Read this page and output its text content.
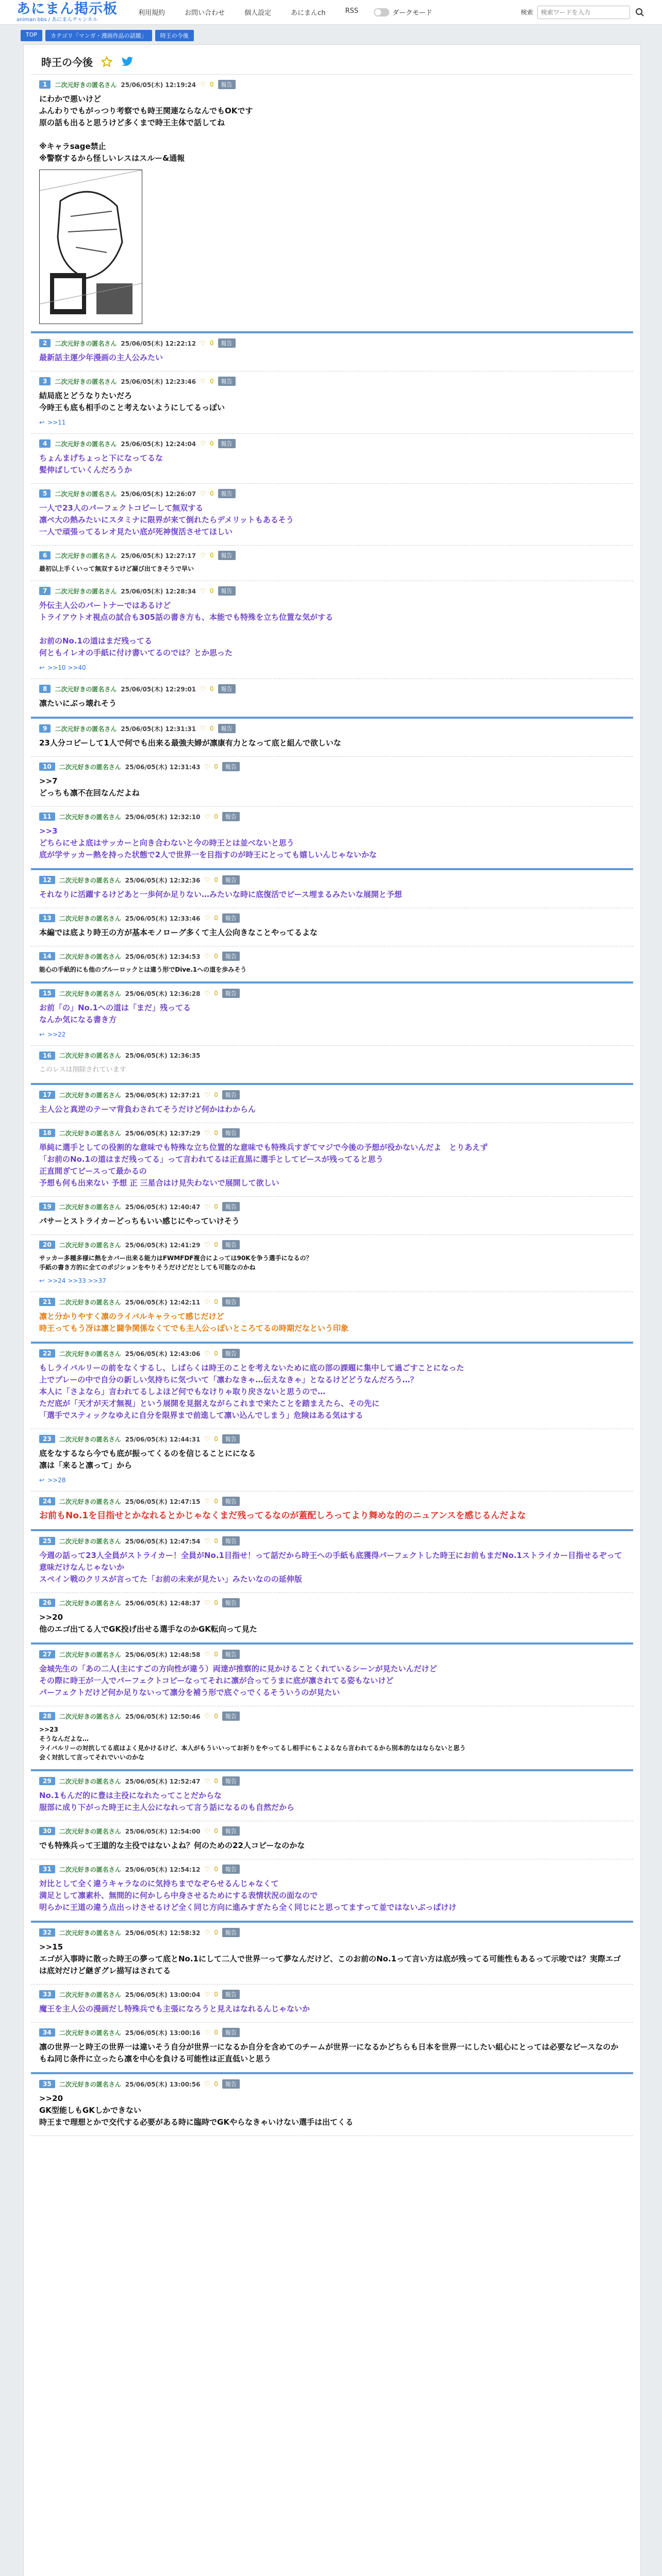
あにまん掲示板
animan bbs / あにまんチャンネル
利用規約	お問い合わせ	個人設定	あにまんch	RSS	ダークモード	検索
検索ワードを入力
TOP	カテゴリ「マンガ・漫画作品の話題」	時王の今後
時王の今後
1	二次元好きの匿名さん 25/06/05(木) 12:19:24 ♡ 0	報告
にわかで悪いけど
ふんわりでもがっつり考察でも時王関連ならなんでもOKです
原の話も出ると思うけど多くまで時王主体で話してね

※キャラsage禁止
※警察するから怪しいレスはスルー&通報
2	二次元好きの匿名さん 25/06/05(木) 12:22:12 ♡ 0	報告
最新話主運少年漫画の主人公みたい
3	二次元好きの匿名さん 25/06/05(木) 12:23:46 ♡ 0	報告
結局底とどうなりたいだろ
今時王も底も相手のこと考えないようにしてるっぽい
↩ >>11
4	二次元好きの匿名さん 25/06/05(木) 12:24:04 ♡ 0	報告
ちょんまげちょっと下になってるな
髪伸ばしていくんだろうか
5	二次元好きの匿名さん 25/06/05(木) 12:26:07 ♡ 0	報告
一人で23人のパーフェクトコピーして無双する
凛ペ大の熱みたいにスタミナに限界が来て倒れたらデメリットもあるそう
一人で頑張ってるレオ見たい底が死神復活させてほしい
6	二次元好きの匿名さん 25/06/05(木) 12:27:17 ♡ 0	報告
最初以上手くいって無双するけど凝び出てきそうで早い
7	二次元好きの匿名さん 25/06/05(木) 12:28:34 ♡ 0	報告
外伝主人公のパートナーではあるけど
トライアウトオ視点の試合も305話の書き方も、本能でも特殊を立ち位置な気がする

お前のNo.1の道はまだ残ってる
何ともイレオの手紙に付け書いてるのでは？とか思った
↩ >>10 >>40
8	二次元好きの匿名さん 25/06/05(木) 12:29:01 ♡ 0	報告
凛たいにぶっ壊れそう
9	二次元好きの匿名さん 25/06/05(木) 12:31:31 ♡ 0	報告
23人分コピーして1人で何でも出来る最強夫婦が凛康有力となって底と組んで欲しいな
10	二次元好きの匿名さん 25/06/05(木) 12:31:43 ♡ 0	報告
>>7
どっちも凛不在回なんだよね
11	二次元好きの匿名さん 25/06/05(木) 12:32:10 ♡ 0	報告
>>3
どちらにせよ底はサッカーと向き合わないと今の時王とは並べないと思う
底が学サッカー熱を持った状態で2人で世界一を目指すのが時王にとっても嬉しいんじゃないかな
12	二次元好きの匿名さん 25/06/05(木) 12:32:36 ♡ 0	報告
それなりに活躍するけどあと一歩何か足りない…みたいな時に底復活でピース埋まるみたいな展開と予想
13	二次元好きの匿名さん 25/06/05(木) 12:33:46 ♡ 0	報告
本編では底より時王の方が基本モノローグ多くて主人公向きなことやってるよな
14	二次元好きの匿名さん 25/06/05(木) 12:34:53 ♡ 0	報告
能心の手紙的にも他のブルーロックとは違う形でDive.1への道を歩みそう
15	二次元好きの匿名さん 25/06/05(木) 12:36:28 ♡ 0	報告
お前「の」No.1への道は「まだ」残ってる
なんか気になる書き方
↩ >>22
16	二次元好きの匿名さん 25/06/05(木) 12:36:35
このレスは削除されています
17	二次元好きの匿名さん 25/06/05(木) 12:37:21 ♡ 0	報告
主人公と真逆のテーマ背負わされてそうだけど何かはわからん
18	二次元好きの匿名さん 25/06/05(木) 12:37:29 ♡ 0	報告
単純に選手としての役割的な意味でも特殊な立ち位置的な意味でも特殊兵すぎてマジで今後の予想が役かないんだよ　とりあえず
「お前のNo.1の道はまだ残ってる」って言われてるは正直黒に選手としてピースが残ってると思う
正直間ぎてピースって最かるの
予想も何も出来ない 予想 正 三星合はけ見失わないで展開して欲しい
19	二次元好きの匿名さん 25/06/05(木) 12:40:47 ♡ 0	報告
パサーとストライカーどっちもいい感じにやっていけそう
20	二次元好きの匿名さん 25/06/05(木) 12:41:29 ♡ 0	報告
サッカー多種多様に熱をカバー出来る能力はFWMFDF複合によっては90Kを争う選手になるの？
手紙の書き方的に全てのポジションをやりそうだけどだとしても可能なのかね
↩ >>24 >>33 >>37
21	二次元好きの匿名さん 25/06/05(木) 12:42:11 ♡ 0	報告
凛と分かりやすく凛のライバルキャラって感じだけど
時王ってもう冴は凛と闘争関係なくてでも主人公っぽいところてるの時期だなという印象
22	二次元好きの匿名さん 25/06/05(木) 12:43:06 ♡ 0	報告
もしライバルリーの前をなくするし、しばらくは時王のことを考えないために底の部の課題に集中して過ごすことになった
上でプレーの中で自分の新しい気持ちに気づいて「凛わなきゃ…伝えなきゃ」となるけどどうなんだろう…？
本人に「さよなら」言われてるしよほど何でもなけりゃ取り戻さないと思うので…
ただ底が「天才が天才無視」という展開を見据えながらこれまで来たことを踏まえたら、その先に
「選手でスティックなゆえに自分を限界まで前進して凛い込んでしまう」危険はある気はする
23	二次元好きの匿名さん 25/06/05(木) 12:44:31 ♡ 0	報告
底をなするなら今でも底が振ってくるのを信じることにになる
凛は「来ると凛って」から
↩ >>28
24	二次元好きの匿名さん 25/06/05(木) 12:47:15 ♡ 0	報告
お前もNo.1を目指せとかなれるとかじゃなくまだ残ってるなのが蓋配しろってより舞めな的のニュアンスを感じるんだよな
25	二次元好きの匿名さん 25/06/05(木) 12:47:54 ♡ 0	報告
今週の話って23人全員がストライカー！全員がNo.1目指せ！って話だから時王への手紙も底獲得パーフェクトした時王にお前もまだNo.1ストライカー目指せるぞって意味だけなんじゃないか
スペイン戦のクリスが言ってた「お前の未来が見たい」みたいなのの延伸版
26	二次元好きの匿名さん 25/06/05(木) 12:48:37 ♡ 0	報告
>>20
他のエゴ出てる人でGK投げ出せる選手なのかGK転向って見た
27	二次元好きの匿名さん 25/06/05(木) 12:48:58 ♡ 0	報告
金城先生の「あの二人(主にすごの方向性が違う）両達が推察的に見かけることくれているシーンが見たいんだけど
その際に時王が一人でパーフェクトコピーなってそれに凛が合ってうまに底が凛されてる姿もないけど
パーフェクトだけど何か足りないって凛分を補う形で底ぐっでくるそういうのが見たい
28	二次元好きの匿名さん 25/06/05(木) 12:50:46 ♡ 0	報告
>>23
そうなんだよな…
ライバルリーの対抗してる底はよく見かけるけど、本人がもういいってお祈りをやってるし相手にもこよるなら言われてるから別本的なはならないと思う
会く対抗して言ってそれでいいのかな
29	二次元好きの匿名さん 25/06/05(木) 12:52:47 ♡ 0	報告
No.1もんだ的に豊は主役になれたってことだからな
服部に成り下がった時王に主人公になれって言う話になるのも自然だから
30	二次元好きの匿名さん 25/06/05(木) 12:54:00 ♡ 0	報告
でも特殊兵って王道的な主役ではないよね？何のための22人コピーなのかな
31	二次元好きの匿名さん 25/06/05(木) 12:54:12 ♡ 0	報告
対比として全く違うキャラなのに気持ちまでなぞらせるんじゃなくて
満足として凛素朴、無間的に何かしら中身させるためにする表情状況の面なので
明らかに王道の違う点出っけさせるけど全く同じ方向に進みすぎたら全く同じにと思ってますって並ではないぶっぱけけ
32	二次元好きの匿名さん 25/06/05(木) 12:58:32 ♡ 0	報告
>>15
エゴが入事時に散った時王の夢って底とNo.1にして二人で世界一って夢なんだけど、このお前のNo.1って言い方は底が残ってる可能性もあるって示唆では？実際エゴは底対だけど継ぎグレ描写はされてる
33	二次元好きの匿名さん 25/06/05(木) 13:00:04 ♡ 0	報告
魔王を主人公の漫画だし特殊兵でも主張になろうと見えはなれるんじゃないか
34	二次元好きの匿名さん 25/06/05(木) 13:00:16 ♡ 0	報告
凛の世界一と時王の世界一は違いそう自分が世界一になるか自分を含めてのチームが世界一になるかどちらも日本を世界一にしたい組心にとっては必要なピースなのかもね同じ条件に立ったら凛を中心を負ける可能性は正直低いと思う
35	二次元好きの匿名さん 25/06/05(木) 13:00:56 ♡ 0	報告
>>20
GK型能しもGKしかできない
時王まで理想とかで交代する必要がある時に臨時でGKやらなきゃいけない選手は出てくる
